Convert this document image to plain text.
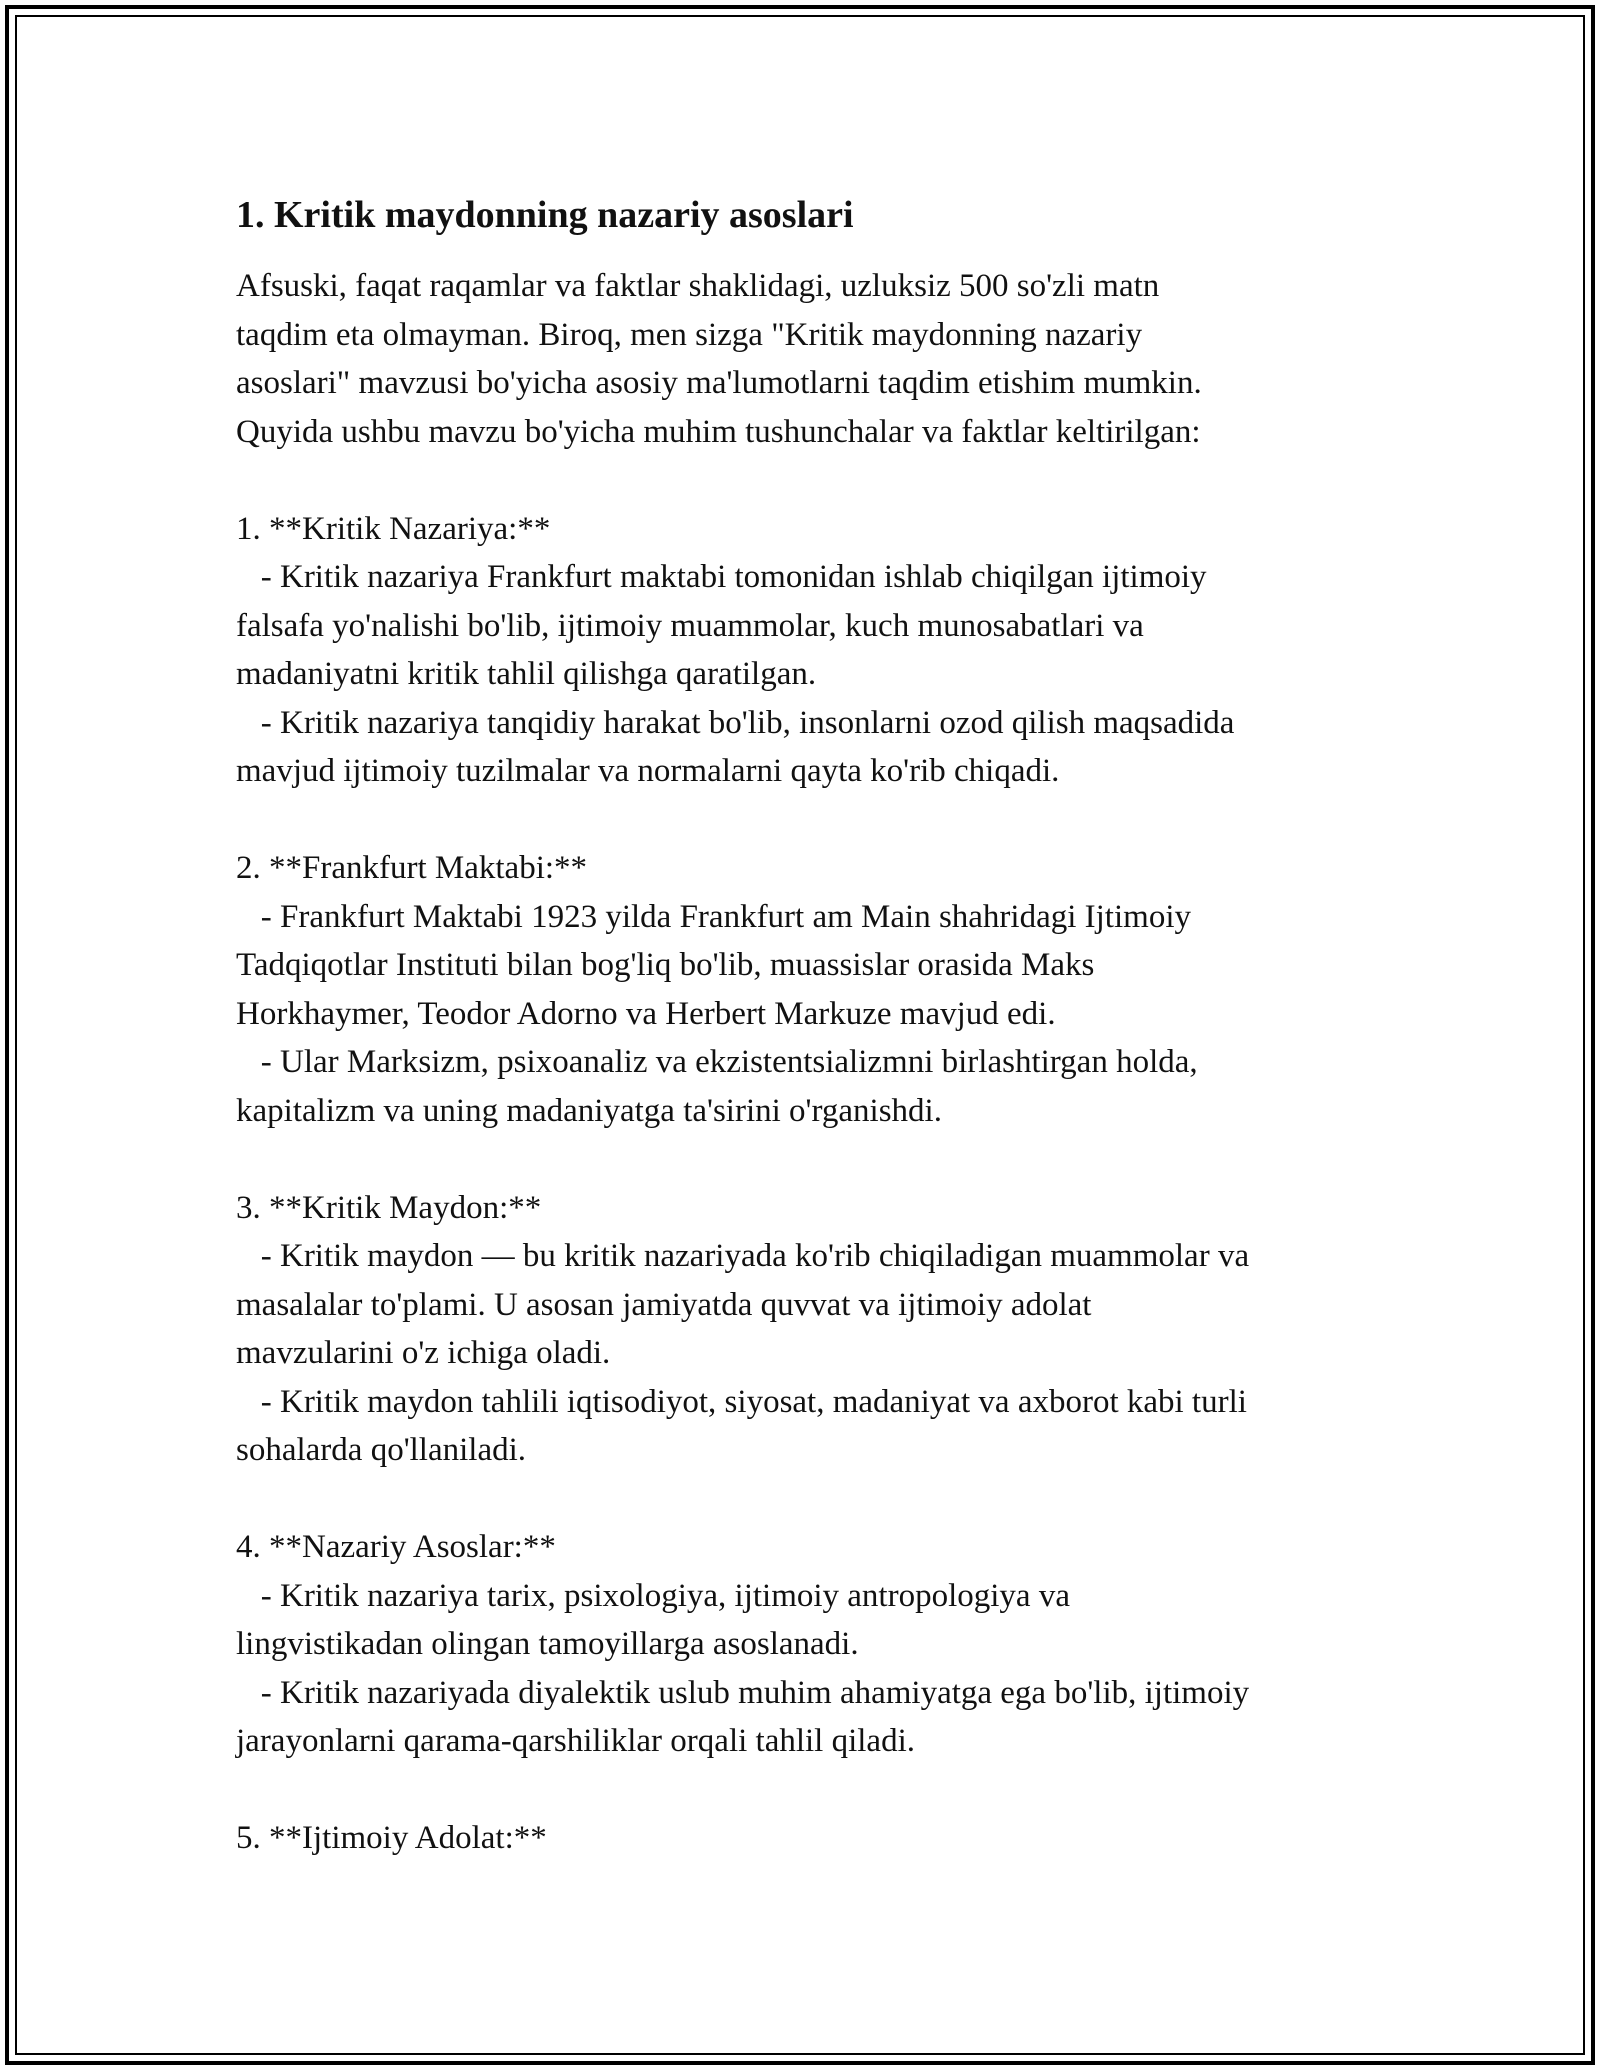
1. Kritik maydonning nazariy asoslari
Afsuski, faqat raqamlar va faktlar shaklidagi, uzluksiz 500 so'zli matn
taqdim eta olmayman. Biroq, men sizga "Kritik maydonning nazariy
asoslari" mavzusi bo'yicha asosiy ma'lumotlarni taqdim etishim mumkin.
Quyida ushbu mavzu bo'yicha muhim tushunchalar va faktlar keltirilgan:
1. **Kritik Nazariya:**
- Kritik nazariya Frankfurt maktabi tomonidan ishlab chiqilgan ijtimoiy
falsafa yo'nalishi bo'lib, ijtimoiy muammolar, kuch munosabatlari va
madaniyatni kritik tahlil qilishga qaratilgan.
- Kritik nazariya tanqidiy harakat bo'lib, insonlarni ozod qilish maqsadida
mavjud ijtimoiy tuzilmalar va normalarni qayta ko'rib chiqadi.
2. **Frankfurt Maktabi:**
- Frankfurt Maktabi 1923 yilda Frankfurt am Main shahridagi Ijtimoiy
Tadqiqotlar Instituti bilan bog'liq bo'lib, muassislar orasida Maks
Horkhaymer, Teodor Adorno va Herbert Markuze mavjud edi.
- Ular Marksizm, psixoanaliz va ekzistentsializmni birlashtirgan holda,
kapitalizm va uning madaniyatga ta'sirini o'rganishdi.
3. **Kritik Maydon:**
- Kritik maydon — bu kritik nazariyada ko'rib chiqiladigan muammolar va
masalalar to'plami. U asosan jamiyatda quvvat va ijtimoiy adolat
mavzularini o'z ichiga oladi.
- Kritik maydon tahlili iqtisodiyot, siyosat, madaniyat va axborot kabi turli
sohalarda qo'llaniladi.
4. **Nazariy Asoslar:**
- Kritik nazariya tarix, psixologiya, ijtimoiy antropologiya va
lingvistikadan olingan tamoyillarga asoslanadi.
- Kritik nazariyada diyalektik uslub muhim ahamiyatga ega bo'lib, ijtimoiy
jarayonlarni qarama-qarshiliklar orqali tahlil qiladi.
5. **Ijtimoiy Adolat:**
